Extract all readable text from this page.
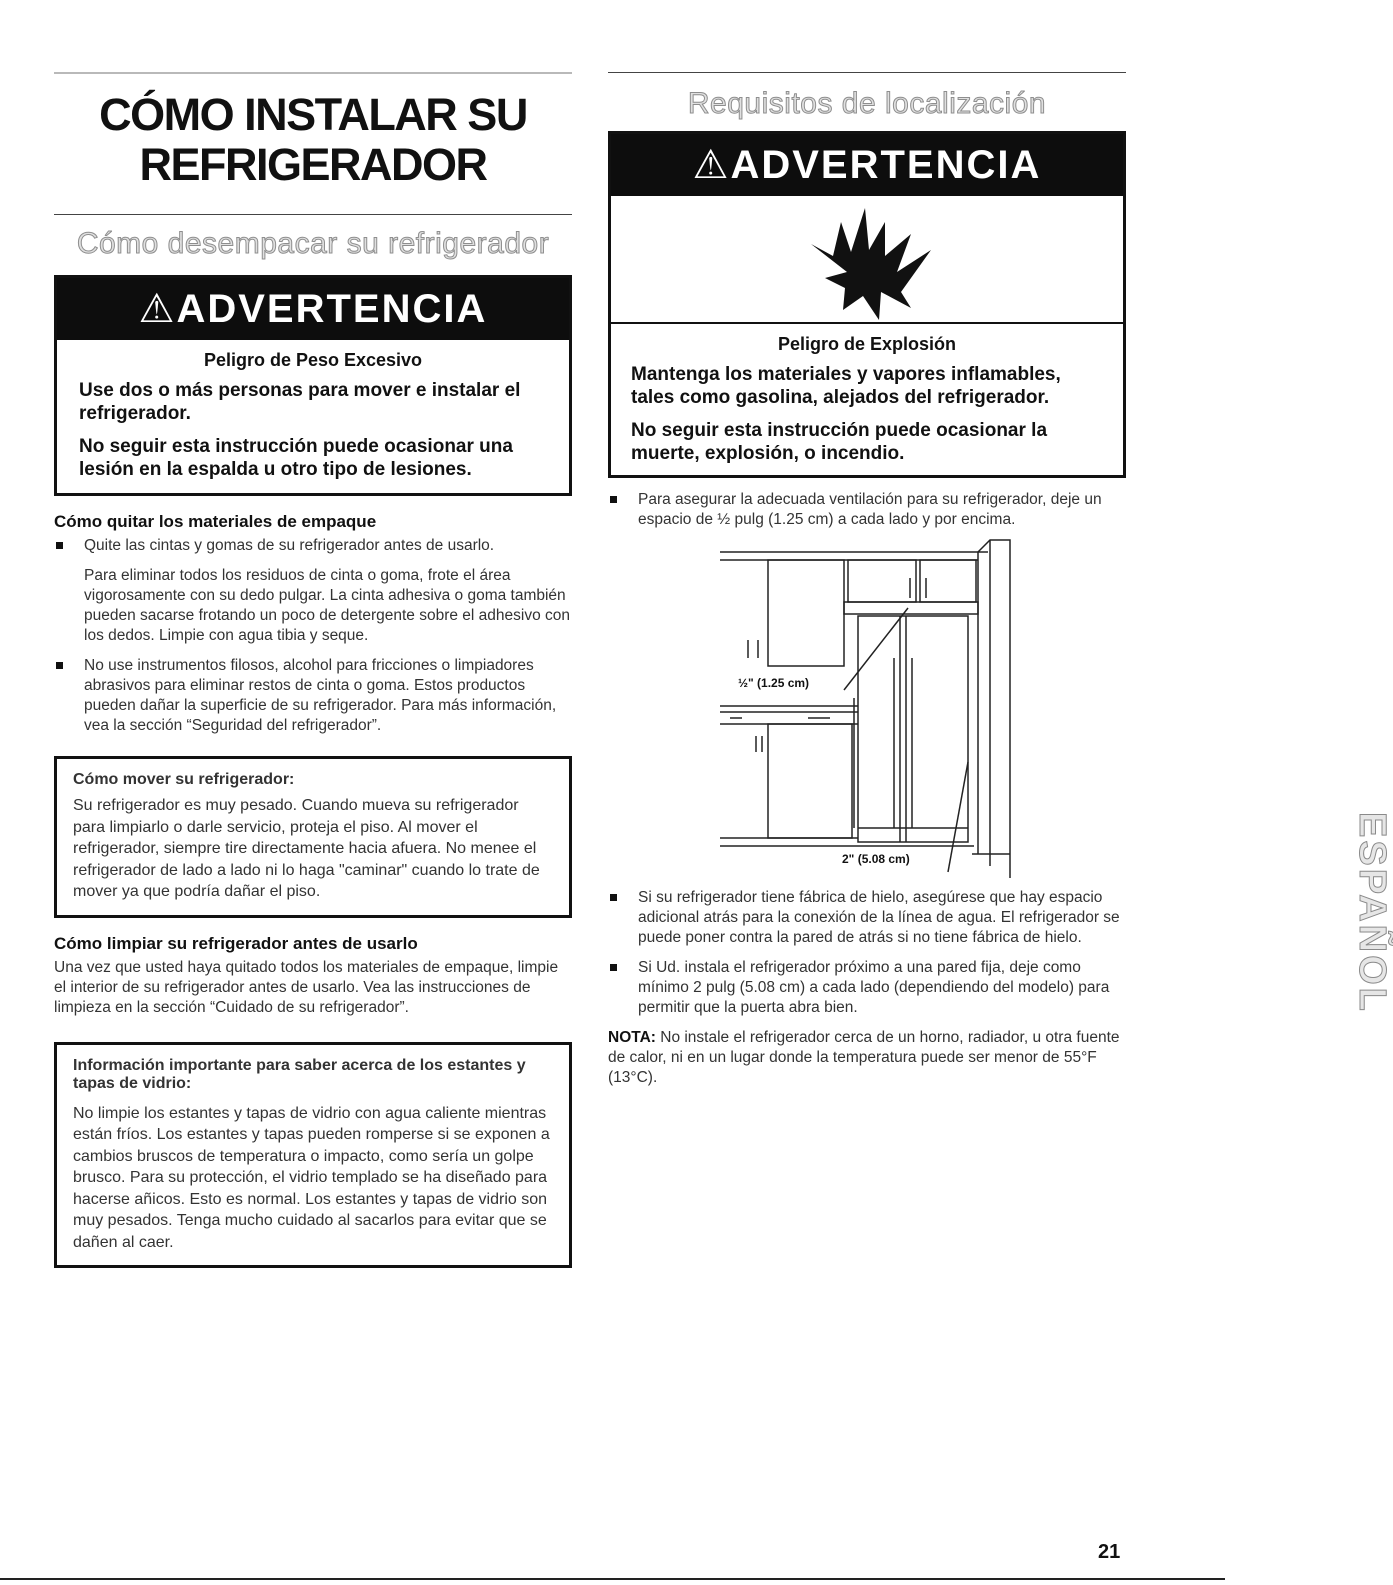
CÓMO INSTALAR SU
REFRIGERADOR
Cómo desempacar su refrigerador
⚠ADVERTENCIA
Peligro de Peso Excesivo
Use dos o más personas para mover e instalar el refrigerador.
No seguir esta instrucción puede ocasionar una lesión en la espalda u otro tipo de lesiones.
Cómo quitar los materiales de empaque
Quite las cintas y gomas de su refrigerador antes de usarlo.
Para eliminar todos los residuos de cinta o goma, frote el área vigorosamente con su dedo pulgar. La cinta adhesiva o goma también pueden sacarse frotando un poco de detergente sobre el adhesivo con los dedos. Limpie con agua tibia y seque.
No use instrumentos filosos, alcohol para fricciones o limpiadores abrasivos para eliminar restos de cinta o goma. Estos productos pueden dañar la superficie de su refrigerador. Para más información, vea la sección “Seguridad del refrigerador”.
Cómo mover su refrigerador:
Su refrigerador es muy pesado. Cuando mueva su refrigerador para limpiarlo o darle servicio, proteja el piso. Al mover el refrigerador, siempre tire directamente hacia afuera. No menee el refrigerador de lado a lado ni lo haga "caminar" cuando lo trate de mover ya que podría dañar el piso.
Cómo limpiar su refrigerador antes de usarlo
Una vez que usted haya quitado todos los materiales de empaque, limpie el interior de su refrigerador antes de usarlo. Vea las instrucciones de limpieza en la sección “Cuidado de su refrigerador”.
Información importante para saber acerca de los estantes y tapas de vidrio:
No limpie los estantes y tapas de vidrio con agua caliente mientras están fríos. Los estantes y tapas pueden romperse si se exponen a cambios bruscos de temperatura o impacto, como sería un golpe brusco. Para su protección, el vidrio templado se ha diseñado para hacerse añicos. Esto es normal. Los estantes y tapas de vidrio son muy pesados. Tenga mucho cuidado al sacarlos para evitar que se dañen al caer.
Requisitos de localización
⚠ADVERTENCIA
Peligro de Explosión
Mantenga los materiales y vapores inflamables, tales como gasolina, alejados del refrigerador.
No seguir esta instrucción puede ocasionar la muerte, explosión, o incendio.
Para asegurar la adecuada ventilación para su refrigerador, deje un espacio de ½ pulg (1.25 cm) a cada lado y por encima.
½" (1.25 cm)
2" (5.08 cm)
Si su refrigerador tiene fábrica de hielo, asegúrese que hay espacio adicional atrás para la conexión de la línea de agua. El refrigerador se puede poner contra la pared de atrás si no tiene fábrica de hielo.
Si Ud. instala el refrigerador próximo a una pared fija, deje como mínimo 2 pulg (5.08 cm) a cada lado (dependiendo del modelo) para permitir que la puerta abra bien.
NOTA: No instale el refrigerador cerca de un horno, radiador, u otra fuente de calor, ni en un lugar donde la temperatura puede ser menor de 55°F (13°C).
ESPAÑOL
21
